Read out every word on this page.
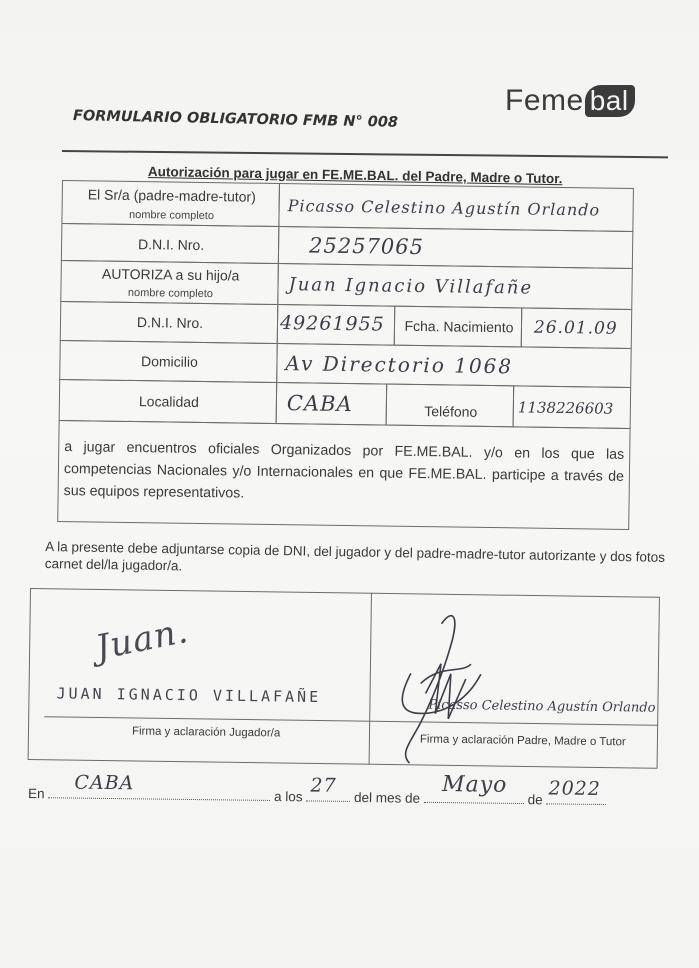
Feme bal
FORMULARIO OBLIGATORIO FMB N° 008
Autorización para jugar en FE.ME.BAL. del Padre, Madre o Tutor.
El Sr/a (padre-madre-tutor)
nombre completo	Picasso Celestino Agustín Orlando
D.N.I. Nro.	25257065
AUTORIZA a su hijo/a
nombre completo	Juan Ignacio Villafañe
D.N.I. Nro.	49261955	Fcha. Nacimiento	26.01.09
Domicilio	Av Directorio 1068
Localidad	CABA	Teléfono	1138226603
a jugar encuentros oficiales Organizados por FE.ME.BAL. y/o en los que las competencias Nacionales y/o Internacionales en que FE.ME.BAL. participe a través de sus equipos representativos.
A la presente debe adjuntarse copia de DNI, del jugador y del padre-madre-tutor autorizante y dos fotos carnet del/la jugador/a.
Juan.
JUAN IGNACIO VILLAFAÑE
Firma y aclaración Jugador/a
Picasso Celestino Agustín Orlando
Firma y aclaración Padre, Madre o Tutor
En CABA
a los 27
del mes de
Mayo
de 2022
